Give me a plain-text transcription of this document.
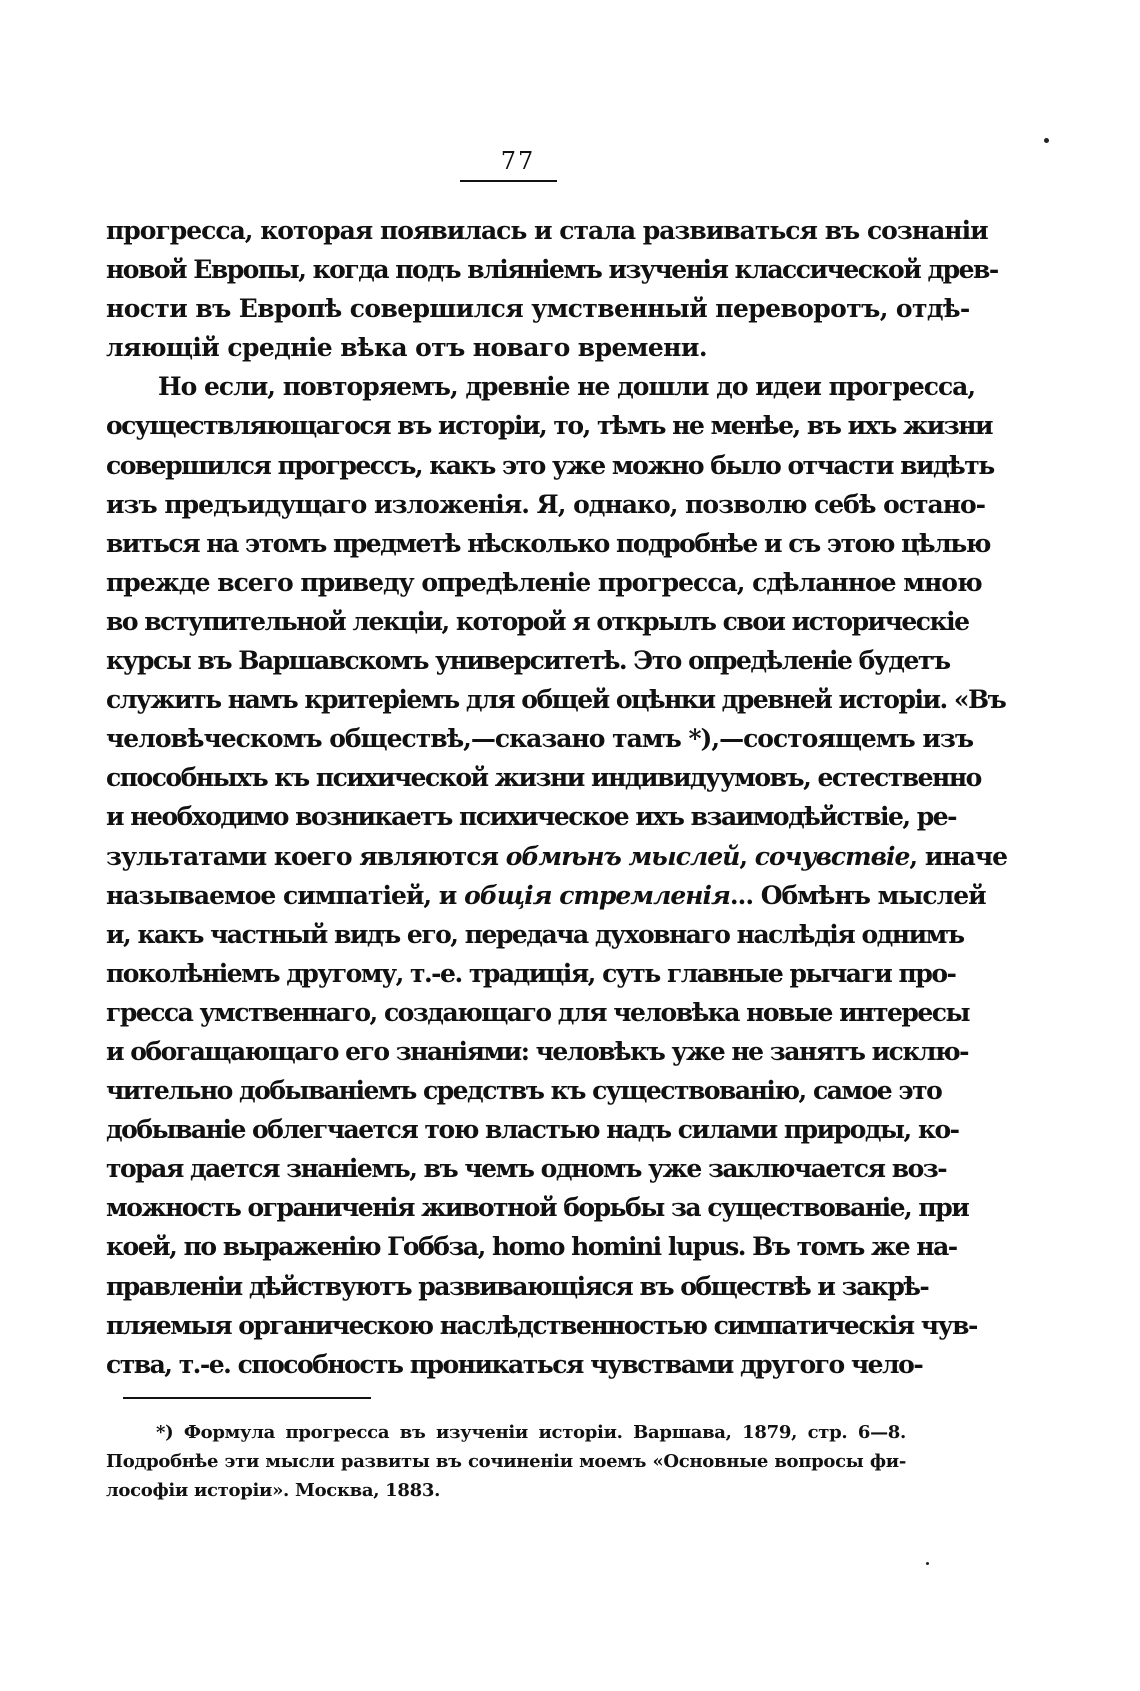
77
прогресса, которая появилась и стала развиваться въ сознаніи
новой Европы, когда подъ вліяніемъ изученія классической древ-
ности въ Европѣ совершился умственный переворотъ, отдѣ-
ляющій средніе вѣка отъ новаго времени.
Но если, повторяемъ, древніе не дошли до идеи прогресса,
осуществляющагося въ исторіи, то, тѣмъ не менѣе, въ ихъ жизни
совершился прогрессъ, какъ это уже можно было отчасти видѣть
изъ предъидущаго изложенія. Я, однако, позволю себѣ остано-
виться на этомъ предметѣ нѣсколько подробнѣе и съ этою цѣлью
прежде всего приведу опредѣленіе прогресса, сдѣланное мною
во вступительной лекціи, которой я открылъ свои историческіе
курсы въ Варшавскомъ университетѣ. Это опредѣленіе будетъ
служить намъ критеріемъ для общей оцѣнки древней исторіи. «Въ
человѣческомъ обществѣ,—сказано тамъ *),—состоящемъ изъ
способныхъ къ психической жизни индивидуумовъ, естественно
и необходимо возникаетъ психическое ихъ взаимодѣйствіе, ре-
зультатами коего являются обмѣнъ мыслей, сочувствіе, иначе
называемое симпатіей, и общія стремленія... Обмѣнъ мыслей
и, какъ частный видъ его, передача духовнаго наслѣдія однимъ
поколѣніемъ другому, т.-е. традиція, суть главные рычаги про-
гресса умственнаго, создающаго для человѣка новые интересы
и обогащающаго его знаніями: человѣкъ уже не занятъ исклю-
чительно добываніемъ средствъ къ существованію, самое это
добываніе облегчается тою властью надъ силами природы, ко-
торая дается знаніемъ, въ чемъ одномъ уже заключается воз-
можность ограниченія животной борьбы за существованіе, при
коей, по выраженію Гоббза, homo homini lupus. Въ томъ же на-
правленіи дѣйствуютъ развивающіяся въ обществѣ и закрѣ-
пляемыя органическою наслѣдственностью симпатическія чув-
ства, т.-е. способность проникаться чувствами другого чело-
*) Формула прогресса въ изученіи исторіи. Варшава, 1879, стр. 6—8.
Подробнѣе эти мысли развиты въ сочиненіи моемъ «Основные вопросы фи-
лософіи исторіи». Москва, 1883.
